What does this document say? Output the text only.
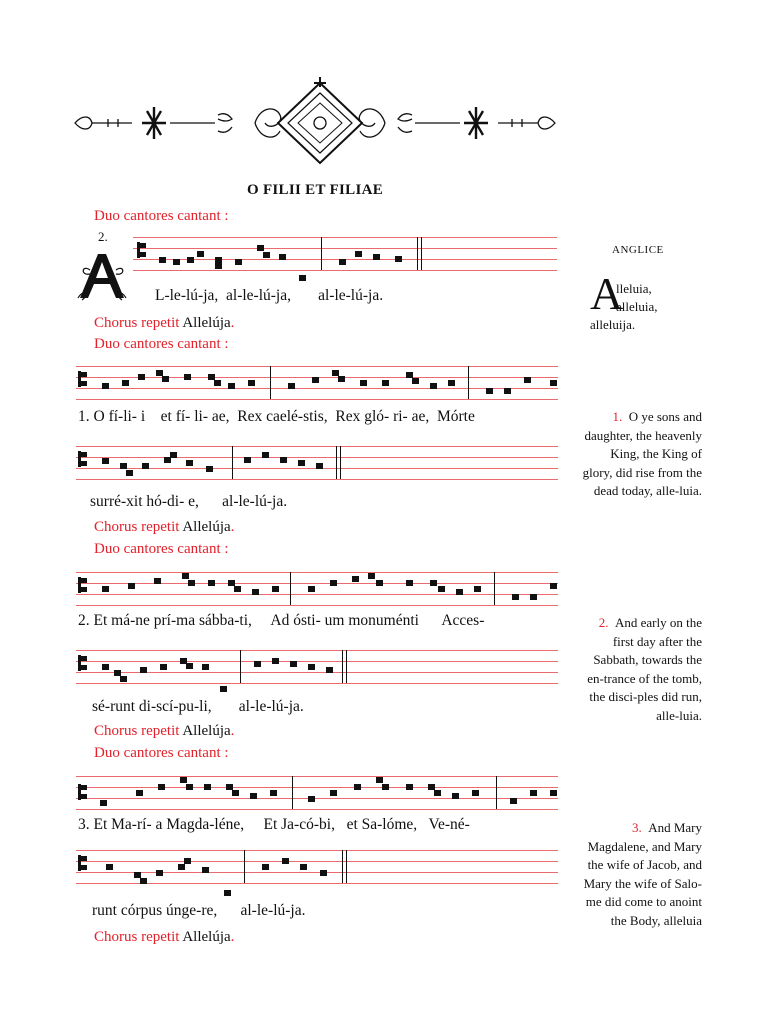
O FILII ET FILIAE
Duo cantores cantant :
2.
L-le-lú-ja,  al-le-lú-ja,       al-le-lú-ja.
Chorus repetit Allelúja.
Duo cantores cantant :
1. O fí-li- i    et fí- li- ae,  Rex caelé-stis,  Rex gló- ri- ae,  Mórte
surré-xit hó-di- e,      al-le-lú-ja.
Chorus repetit Allelúja.
Duo cantores cantant :
2. Et má-ne prí-ma sábba-ti,     Ad ósti- um monuménti      Acces-
sé-runt di-scí-pu-li,       al-le-lú-ja.
Chorus repetit Allelúja.
Duo cantores cantant :
3. Et Ma-rí- a Magda-léne,     Et Ja-có-bi,   et Sa-lóme,   Ve-né-
runt córpus únge-re,      al-le-lú-ja.
Chorus repetit Allelúja.
ANGLICE
A
lleluia,
alleluia,
alleluija.
1. O ye sons and daughter, the heavenly King, the King of glory, did rise from the dead today, alle-luia.
2. And early on the first day after the Sabbath, towards the en-trance of the tomb, the disci-ples did run, alle-luia.
3. And Mary Magdalene, and Mary the wife of Jacob, and Mary the wife of Salo-me did come to anoint the Body, alleluia
